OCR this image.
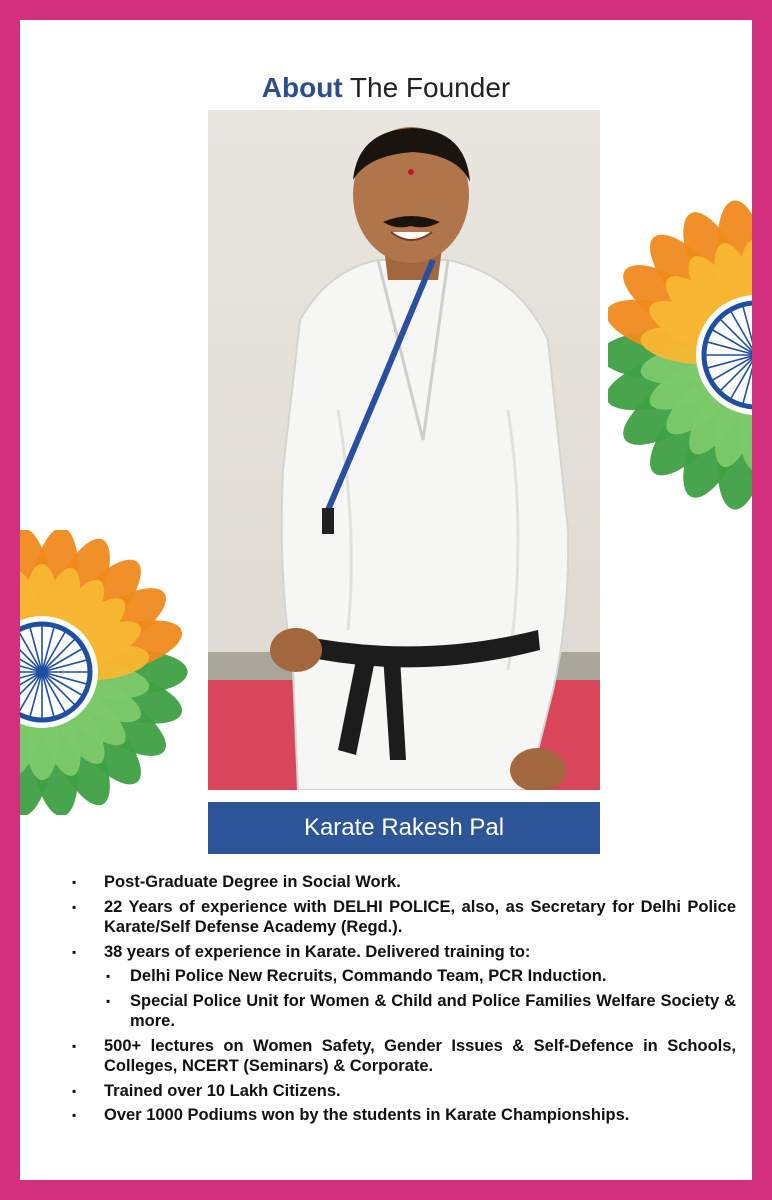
About The Founder
Karate Rakesh Pal
▪ Post-Graduate Degree in Social Work.
▪ 22 Years of experience with DELHI POLICE, also, as Secretary for Delhi Police Karate/Self Defense Academy (Regd.).
▪ 38 years of experience in Karate. Delivered training to:
▪ Delhi Police New Recruits, Commando Team, PCR Induction.
▪ Special Police Unit for Women & Child and Police Families Welfare Society & more.
▪ 500+ lectures on Women Safety, Gender Issues & Self-Defence in Schools, Colleges, NCERT (Seminars) & Corporate.
▪ Trained over 10 Lakh Citizens.
▪ Over 1000 Podiums won by the students in Karate Championships.
